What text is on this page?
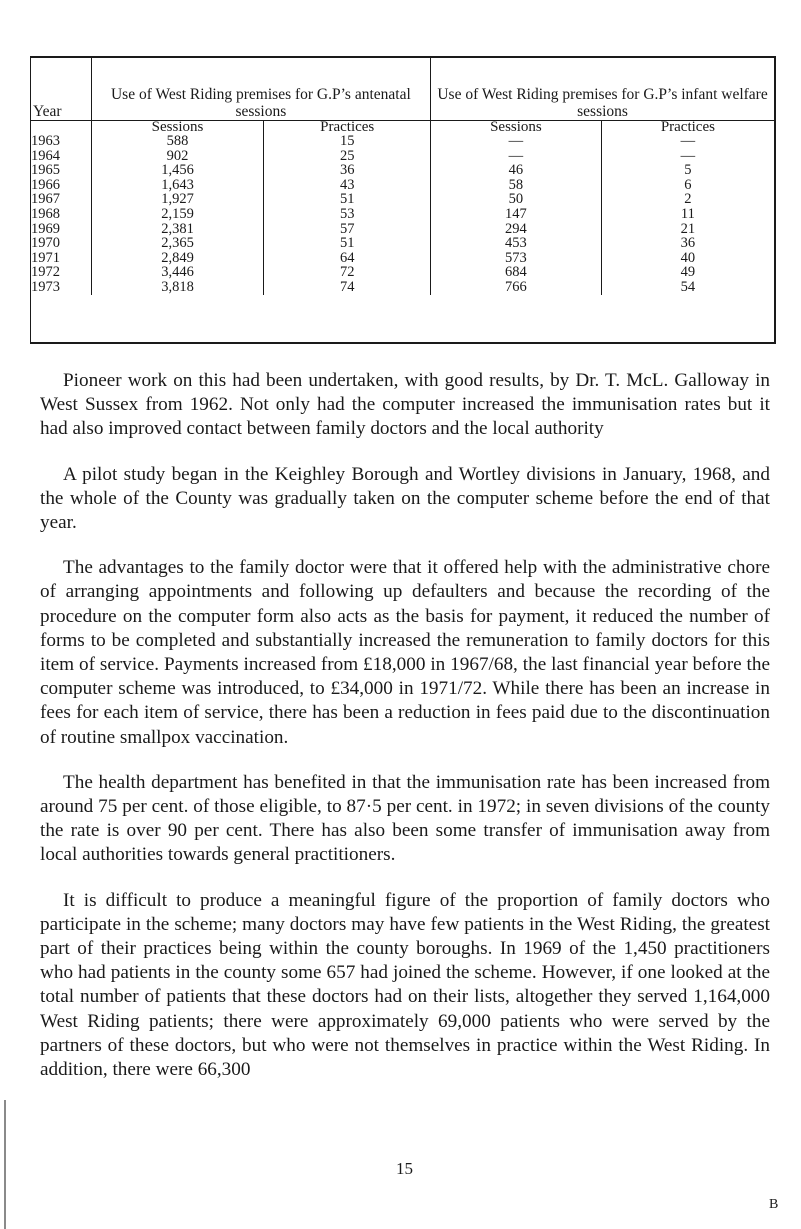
Year	Use of West Riding premises for G.P’s antenatal sessions		Use of West Riding premises for G.P’s infant welfare sessions	
	Sessions	Practices	Sessions	Practices
1963	588	15	—	—
1964	902	25	—	—
1965	1,456	36	46	5
1966	1,643	43	58	6
1967	1,927	51	50	2
1968	2,159	53	147	11
1969	2,381	57	294	21
1970	2,365	51	453	36
1971	2,849	64	573	40
1972	3,446	72	684	49
1973	3,818	74	766	54

Pioneer work on this had been undertaken, with good results, by Dr. T. McL. Galloway in West Sussex from 1962. Not only had the computer increased the immunisation rates but it had also improved contact between family doctors and the local authority

A pilot study began in the Keighley Borough and Wortley divisions in January, 1968, and the whole of the County was gradually taken on the computer scheme before the end of that year.

The advantages to the family doctor were that it offered help with the administrative chore of arranging appointments and following up defaulters and because the recording of the procedure on the computer form also acts as the basis for payment, it reduced the number of forms to be completed and substantially increased the remuneration to family doctors for this item of service. Payments increased from £18,000 in 1967/68, the last financial year before the computer scheme was introduced, to £34,000 in 1971/72. While there has been an increase in fees for each item of service, there has been a reduction in fees paid due to the discontinuation of routine smallpox vaccination.

The health department has benefited in that the immunisation rate has been increased from around 75 per cent. of those eligible, to 87·5 per cent. in 1972; in seven divisions of the county the rate is over 90 per cent. There has also been some transfer of immunisation away from local authorities towards general practitioners.

It is difficult to produce a meaningful figure of the proportion of family doctors who participate in the scheme; many doctors may have few patients in the West Riding, the greatest part of their practices being within the county boroughs. In 1969 of the 1,450 practitioners who had patients in the county some 657 had joined the scheme. However, if one looked at the total number of patients that these doctors had on their lists, altogether they served 1,164,000 West Riding patients; there were approximately 69,000 patients who were served by the partners of these doctors, but who were not themselves in practice within the West Riding. In addition, there were 66,300

15
B
